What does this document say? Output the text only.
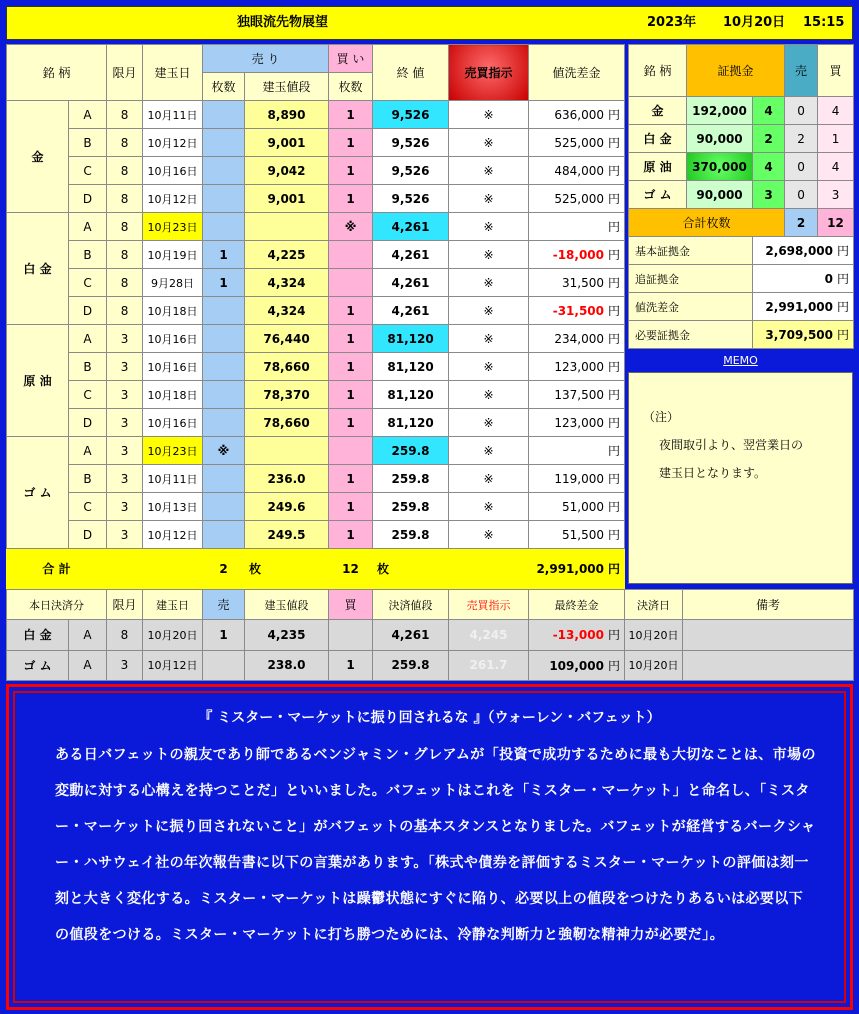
独眼流先物展望	2023年 10月20日 15:15
銘 柄		限月	建玉日	売 り		買 い	終 値	売買指示	値洗差金
				枚数	建玉値段	枚数			
金	A	8	10月11日		8,890	1	9,526	※	636,000 円
	B	8	10月12日		9,001	1	9,526	※	525,000 円
	C	8	10月16日		9,042	1	9,526	※	484,000 円
	D	8	10月12日		9,001	1	9,526	※	525,000 円
白 金	A	8	10月23日			※	4,261	※	円
	B	8	10月19日	1	4,225		4,261	※	-18,000 円
	C	8	9月28日	1	4,324		4,261	※	31,500 円
	D	8	10月18日		4,324	1	4,261	※	-31,500 円
原 油	A	3	10月16日		76,440	1	81,120	※	234,000 円
	B	3	10月16日		78,660	1	81,120	※	123,000 円
	C	3	10月18日		78,370	1	81,120	※	137,500 円
	D	3	10月16日		78,660	1	81,120	※	123,000 円
ゴ ム	A	3	10月23日	※			259.8	※	円
	B	3	10月11日		236.0	1	259.8	※	119,000 円
	C	3	10月13日		249.6	1	259.8	※	51,000 円
	D	3	10月12日		249.5	1	259.8	※	51,500 円
合 計				2	枚	12	枚	2,991,000 円	
銘 柄	証拠金		売	買
金	192,000	4	0	4
白 金	90,000	2	2	1
原 油	370,000	4	0	4
ゴ ム	90,000	3	0	3
合計枚数			2	12
基本証拠金		2,698,000 円		
追証拠金		0 円		
値洗差金		2,991,000 円		
必要証拠金		3,709,500 円		
MEMO
（注）
夜間取引より、翌営業日の
建玉日となります。
本日決済分		限月	建玉日	売	建玉値段	買	決済値段	売買指示	最終差金	決済日	備考
白 金	A	8	10月20日	1	4,235		4,261	4,245	-13,000 円	10月20日	
ゴ ム	A	3	10月12日		238.0	1	259.8	261.7	109,000 円	10月20日	
『 ミスター・マーケットに振り回されるな 』（ウォーレン・バフェット）
ある日バフェットの親友であり師であるベンジャミン・グレアムが「投資で成功するために最も大切なことは、市場の変動に対する心構えを持つことだ」といいました。バフェットはこれを「ミスター・マーケット」と命名し、「ミスター・マーケットに振り回されないこと」がバフェットの基本スタンスとなりました。バフェットが経営するバークシャー・ハサウェイ社の年次報告書に以下の言葉があります。「株式や債券を評価するミスター・マーケットの評価は刻一刻と大きく変化する。ミスター・マーケットは躁鬱状態にすぐに陥り、必要以上の値段をつけたりあるいは必要以下の値段をつける。ミスター・マーケットに打ち勝つためには、冷静な判断力と強靭な精神力が必要だ」。
